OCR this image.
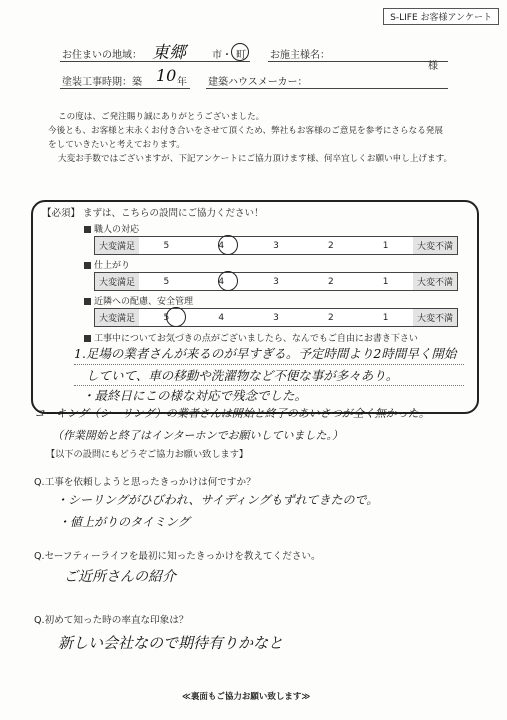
S-LIFE お客様アンケート
お住まいの地域： 東郷	市・ 町 お施主様名：
様
塗装工事時期：築 10 年 建築ハウスメーカー：
この度は、ご発注賜り誠にありがとうございました。
今後とも、お客様と末永くお付き合いをさせて頂くため、弊社もお客様のご意見を参考にさらなる発展
をしていきたいと考えております。
大変お手数ではございますが、下記アンケートにご協力頂けます様、何卒宜しくお願い申し上げます。
【必須】 まずは、こちらの設問にご協力ください！
職人の対応
大変満足	5	4	3	2	1	大変不満
仕上がり
大変満足	5	4	3	2	1	大変不満
近隣への配慮、安全管理
大変満足	5	4	3	2	1	大変不満
工事中についてお気づきの点がございましたら、なんでもご自由にお書き下さい
1.足場の業者さんが来るのが早すぎる。予定時間より2時間早く開始
していて、車の移動や洗濯物など不便な事が多々あり。
・最終日にこの様な対応で残念でした。
コーキング（シーリング）の業者さんは開始と終了のあいさつが全く無かった。
（作業開始と終了はインターホンでお願いしていました。）
【以下の設問にもどうぞご協力お願い致します】
Q.工事を依頼しようと思ったきっかけは何ですか？
・シーリングがひびわれ、サイディングもずれてきたので。
・値上がりのタイミング
Q.セーフティーライフを最初に知ったきっかけを教えてください。
ご近所さんの紹介
Q.初めて知った時の率直な印象は？
新しい会社なので期待有りかなと
≪裏面もご協力お願い致します≫
